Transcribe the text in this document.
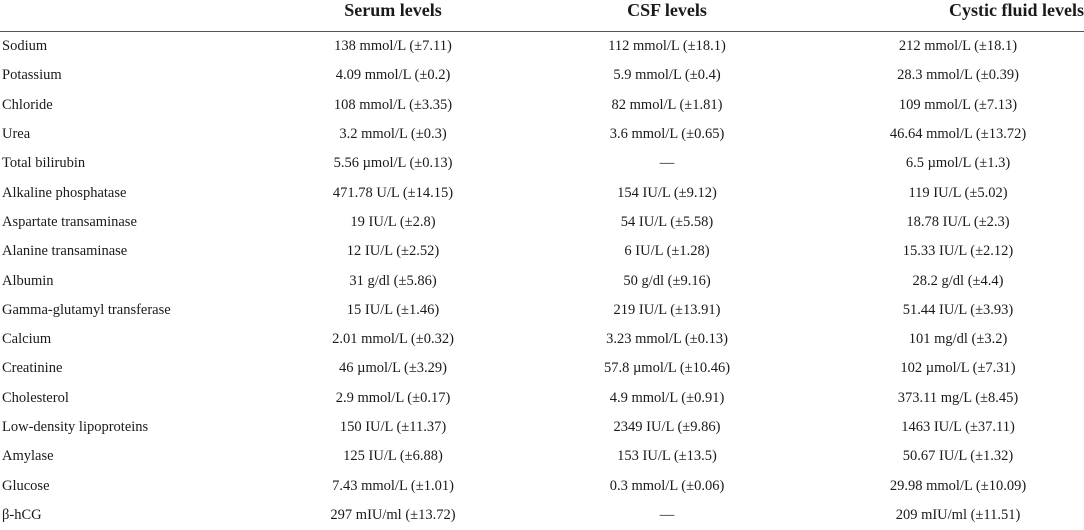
	Serum levels	CSF levels	Cystic fluid levels
Sodium	138 mmol/L (±7.11)	112 mmol/L (±18.1)	212 mmol/L (±18.1)
Potassium	4.09 mmol/L (±0.2)	5.9 mmol/L (±0.4)	28.3 mmol/L (±0.39)
Chloride	108 mmol/L (±3.35)	82 mmol/L (±1.81)	109 mmol/L (±7.13)
Urea	3.2 mmol/L (±0.3)	3.6 mmol/L (±0.65)	46.64 mmol/L (±13.72)
Total bilirubin	5.56 µmol/L (±0.13)	—	6.5 µmol/L (±1.3)
Alkaline phosphatase	471.78 U/L (±14.15)	154 IU/L (±9.12)	119 IU/L (±5.02)
Aspartate transaminase	19 IU/L (±2.8)	54 IU/L (±5.58)	18.78 IU/L (±2.3)
Alanine transaminase	12 IU/L (±2.52)	6 IU/L (±1.28)	15.33 IU/L (±2.12)
Albumin	31 g/dl (±5.86)	50 g/dl (±9.16)	28.2 g/dl (±4.4)
Gamma-glutamyl transferase	15 IU/L (±1.46)	219 IU/L (±13.91)	51.44 IU/L (±3.93)
Calcium	2.01 mmol/L (±0.32)	3.23 mmol/L (±0.13)	101 mg/dl (±3.2)
Creatinine	46 µmol/L (±3.29)	57.8 µmol/L (±10.46)	102 µmol/L (±7.31)
Cholesterol	2.9 mmol/L (±0.17)	4.9 mmol/L (±0.91)	373.11 mg/L (±8.45)
Low-density lipoproteins	150 IU/L (±11.37)	2349 IU/L (±9.86)	1463 IU/L (±37.11)
Amylase	125 IU/L (±6.88)	153 IU/L (±13.5)	50.67 IU/L (±1.32)
Glucose	7.43 mmol/L (±1.01)	0.3 mmol/L (±0.06)	29.98 mmol/L (±10.09)
β-hCG	297 mIU/ml (±13.72)	—	209 mIU/ml (±11.51)
